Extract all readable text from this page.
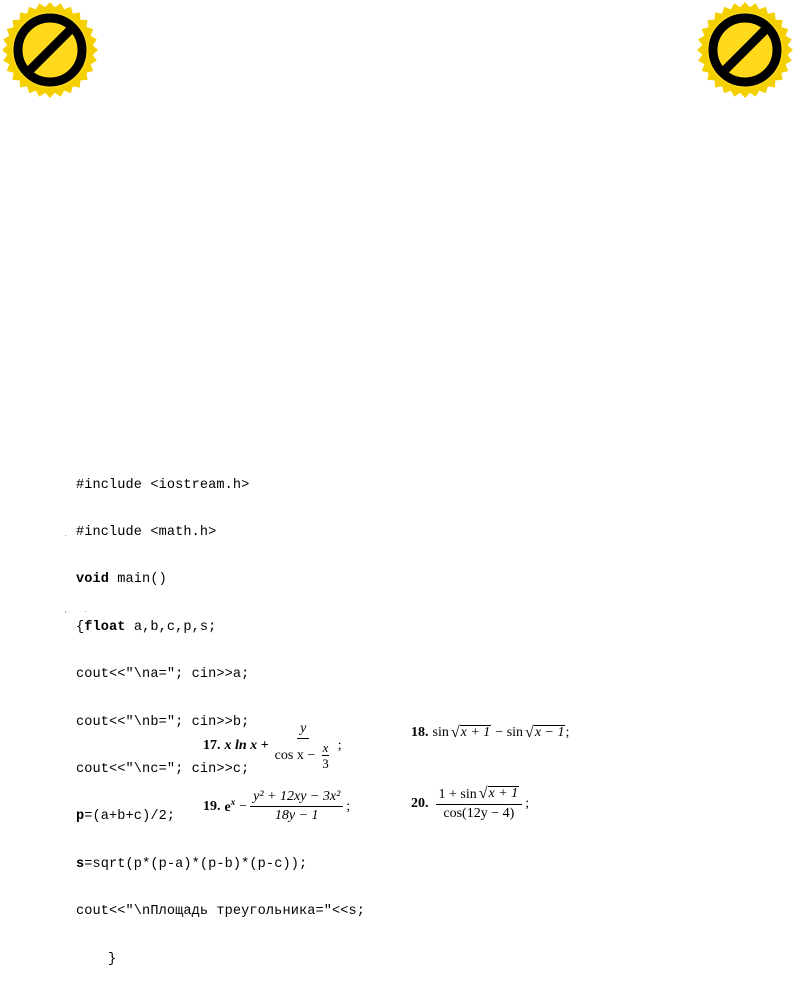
#include <iostream.h>

#include <math.h>

void main()

{float a,b,c,p,s;

cout<<"\na="; cin>>a;

cout<<"\nb="; cin>>b;

cout<<"\nc="; cin>>c;

p=(a+b+c)/2;

s=sqrt(p*(p-a)*(p-b)*(p-c));

cout<<"\nПлощадь треугольника="<<s;

}

·
, ·
17. x $\ln x + \frac{y}{\cos x - \frac{x}{3}}$ ;
18. sin √ x + 1 − sin √ x − 1 ;
19. $e^x - \frac{\text{y² + 12xy − 3x²}}{18y - 1}$ ;	20. $\frac{1 + \sin √ x + 1}{\cos(12y - 4)}$ ;
